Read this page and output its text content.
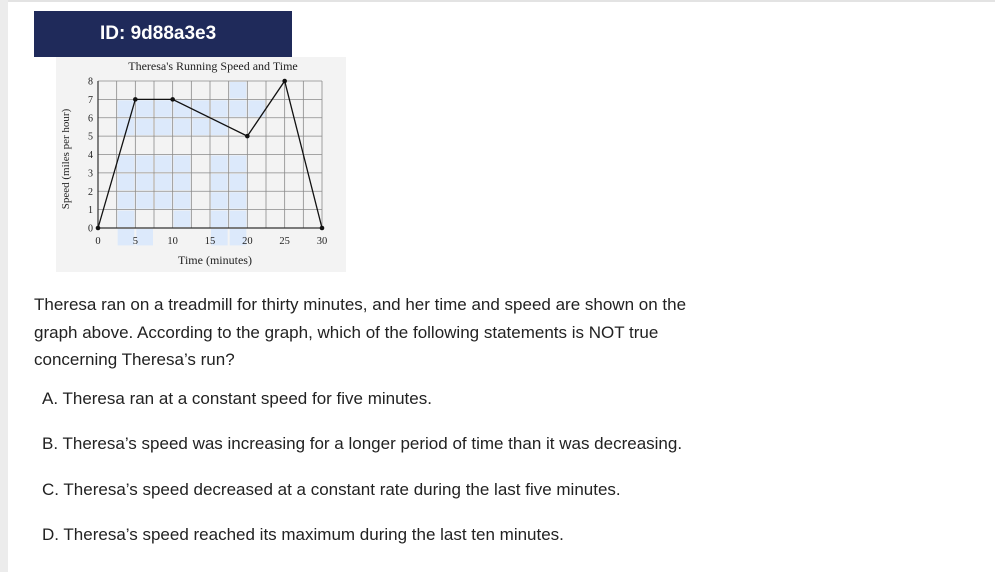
ID: 9d88a3e3
0	5	10	15	20	25	30
0
1
2
3
4
5
6
7
8
Theresa's Running Speed and Time
Time (minutes)
Speed (miles per hour)
Theresa ran on a treadmill for thirty minutes, and her time and speed are shown on the graph above. According to the graph, which of the following statements is NOT true concerning Theresa’s run?
A. Theresa ran at a constant speed for five minutes.
B. Theresa’s speed was increasing for a longer period of time than it was decreasing.
C. Theresa’s speed decreased at a constant rate during the last five minutes.
D. Theresa’s speed reached its maximum during the last ten minutes.
